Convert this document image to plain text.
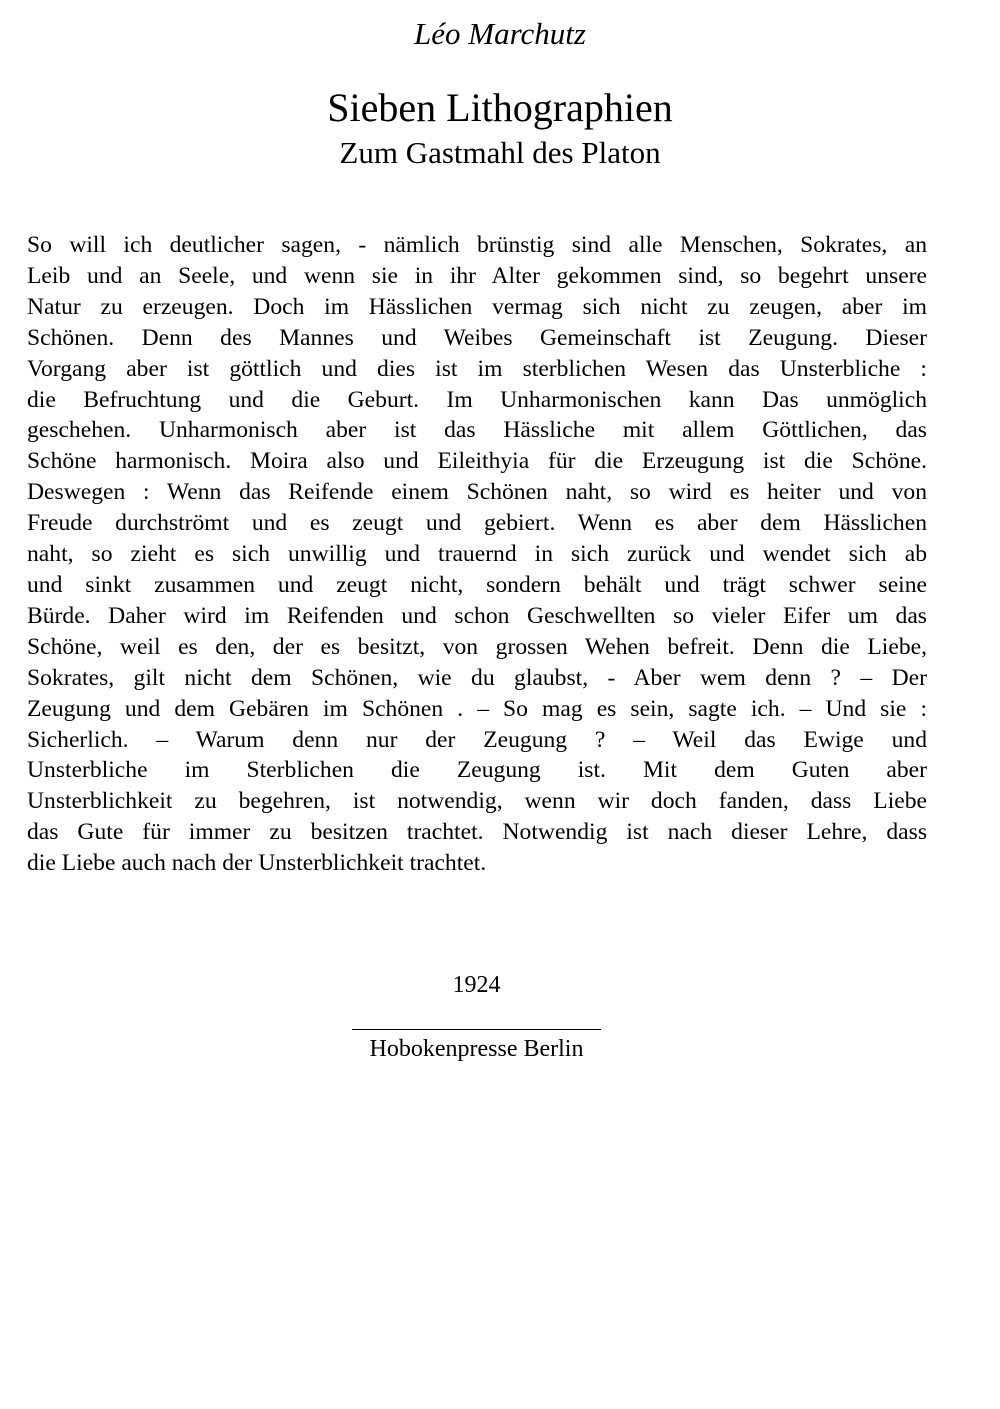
Léo Marchutz
Sieben Lithographien
Zum Gastmahl des Platon

So will ich deutlicher sagen, - nämlich brünstig sind alle Menschen, Sokrates, an
Leib und an Seele, und wenn sie in ihr Alter gekommen sind, so begehrt unsere
Natur zu erzeugen. Doch im Hässlichen vermag sich nicht zu zeugen, aber im
Schönen. Denn des Mannes und Weibes Gemeinschaft ist Zeugung. Dieser
Vorgang aber ist göttlich und dies ist im sterblichen Wesen das Unsterbliche :
die Befruchtung und die Geburt. Im Unharmonischen kann Das unmöglich
geschehen. Unharmonisch aber ist das Hässliche mit allem Göttlichen, das
Schöne harmonisch. Moira also und Eileithyia für die Erzeugung ist die Schöne.
Deswegen : Wenn das Reifende einem Schönen naht, so wird es heiter und von
Freude durchströmt und es zeugt und gebiert. Wenn es aber dem Hässlichen
naht, so zieht es sich unwillig und trauernd in sich zurück und wendet sich ab
und sinkt zusammen und zeugt nicht, sondern behält und trägt schwer seine
Bürde. Daher wird im Reifenden und schon Geschwellten so vieler Eifer um das
Schöne, weil es den, der es besitzt, von grossen Wehen befreit. Denn die Liebe,
Sokrates, gilt nicht dem Schönen, wie du glaubst, - Aber wem denn ? – Der
Zeugung und dem Gebären im Schönen . – So mag es sein, sagte ich. – Und sie :
Sicherlich. – Warum denn nur der Zeugung ? – Weil das Ewige und
Unsterbliche im Sterblichen die Zeugung ist. Mit dem Guten aber
Unsterblichkeit zu begehren, ist notwendig, wenn wir doch fanden, dass Liebe
das Gute für immer zu besitzen trachtet. Notwendig ist nach dieser Lehre, dass
die Liebe auch nach der Unsterblichkeit trachtet.

1924
Hobokenpresse Berlin
